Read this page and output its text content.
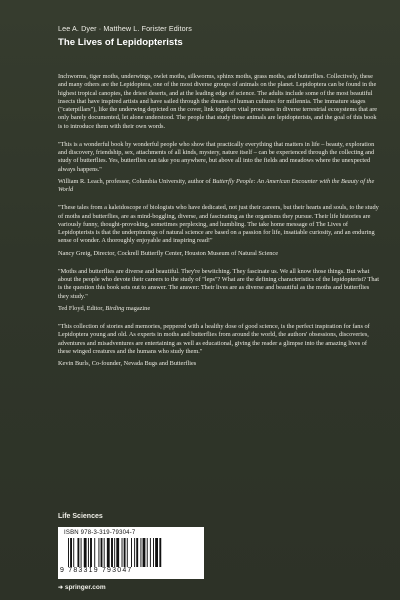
Lee A. Dyer · Matthew L. Forister Editors
The Lives of Lepidopterists

Inchworms, tiger moths, underwings, owlet moths, silkworms, sphinx moths, grass moths, and butterflies. Collectively, these and many others are the Lepidoptera, one of the most diverse groups of animals on the planet. Lepidoptera can be found in the highest tropical canopies, the driest deserts, and at the leading edge of science. The adults include some of the most beautiful insects that have inspired artists and have sailed through the dreams of human cultures for millennia. The immature stages ("caterpillars"), like the underwing depicted on the cover, link together vital processes in diverse terrestrial ecosystems that are only barely documented, let alone understood. The people that study these animals are lepidopterists, and the goal of this book is to introduce them with their own words.

"This is a wonderful book by wonderful people who show that practically everything that matters in life – beauty, exploration and discovery, friendship, sex, attachments of all kinds, mystery, nature itself – can be experienced through the collecting and study of butterflies. Yes, butterflies can take you anywhere, but above all into the fields and meadows where the unexpected always happens."

William R. Leach, professor, Columbia University, author of Butterfly People: An American Encounter with the Beauty of the World

"These tales from a kaleidoscope of biologists who have dedicated, not just their careers, but their hearts and souls, to the study of moths and butterflies, are as mind-boggling, diverse, and fascinating as the organisms they pursue. Their life histories are variously funny, thought-provoking, sometimes perplexing, and humbling. The take home message of The Lives of Lepidopterists is that the underpinnings of natural science are based on a passion for life, insatiable curiosity, and an enduring sense of wonder. A thoroughly enjoyable and inspiring read!"

Nancy Greig, Director, Cockrell Butterfly Center, Houston Museum of Natural Science

"Moths and butterflies are diverse and beautiful. They're bewitching. They fascinate us. We all know those things. But what about the people who devote their careers to the study of "leps"? What are the defining characteristics of the lepidopterist? That is the question this book sets out to answer. The answer: Their lives are as diverse and beautiful as the moths and butterflies they study."

Ted Floyd, Editor, Birding magazine

"This collection of stories and memories, peppered with a healthy dose of good science, is the perfect inspiration for fans of Lepidoptera young and old. As experts in moths and butterflies from around the world, the authors' obsessions, discoveries, adventures and misadventures are entertaining as well as educational, giving the reader a glimpse into the amazing lives of these winged creatures and the humans who study them."

Kevin Burls, Co-founder, Nevada Bugs and Butterflies

Life Sciences
ISBN 978-3-319-79304-7
9 783319 793047
➜ springer.com
